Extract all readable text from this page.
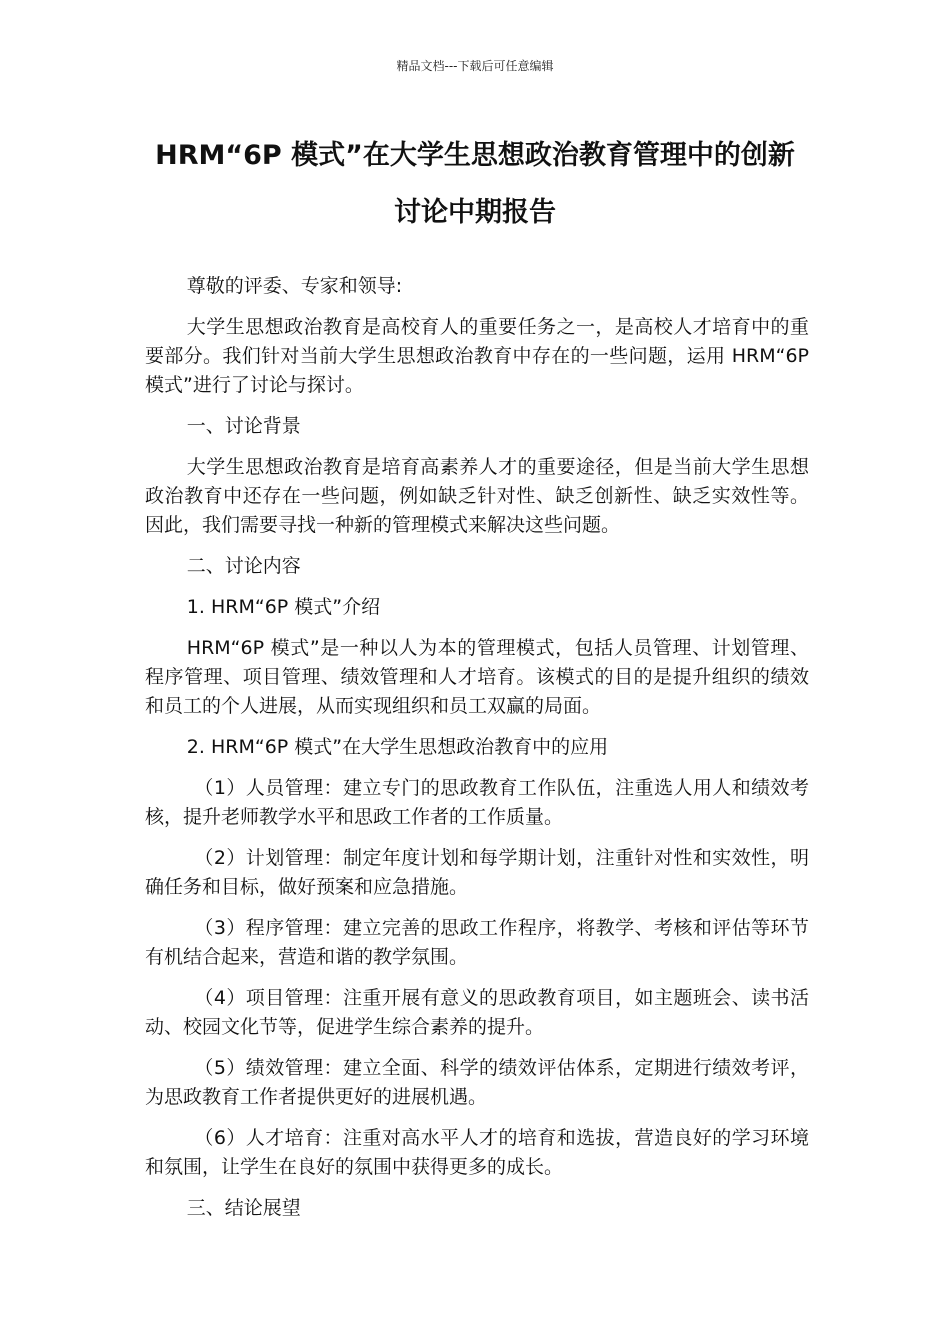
精品文档---下载后可任意编辑
HRM“6P 模式”在大学生思想政治教育管理中的创新
讨论中期报告

尊敬的评委、专家和领导:

大学生思想政治教育是高校育人的重要任务之一，是高校人才培育中的重要部分。我们针对当前大学生思想政治教育中存在的一些问题，运用 HRM“6P 模式”进行了讨论与探讨。

一、讨论背景

大学生思想政治教育是培育高素养人才的重要途径，但是当前大学生思想政治教育中还存在一些问题，例如缺乏针对性、缺乏创新性、缺乏实效性等。因此，我们需要寻找一种新的管理模式来解决这些问题。

二、讨论内容

1. HRM“6P 模式”介绍

HRM“6P 模式”是一种以人为本的管理模式，包括人员管理、计划管理、程序管理、项目管理、绩效管理和人才培育。该模式的目的是提升组织的绩效和员工的个人进展，从而实现组织和员工双赢的局面。

2. HRM“6P 模式”在大学生思想政治教育中的应用

（1）人员管理：建立专门的思政教育工作队伍，注重选人用人和绩效考核，提升老师教学水平和思政工作者的工作质量。

（2）计划管理：制定年度计划和每学期计划，注重针对性和实效性，明确任务和目标，做好预案和应急措施。

（3）程序管理：建立完善的思政工作程序，将教学、考核和评估等环节有机结合起来，营造和谐的教学氛围。

（4）项目管理：注重开展有意义的思政教育项目，如主题班会、读书活动、校园文化节等，促进学生综合素养的提升。

（5）绩效管理：建立全面、科学的绩效评估体系，定期进行绩效考评，为思政教育工作者提供更好的进展机遇。

（6）人才培育：注重对高水平人才的培育和选拔，营造良好的学习环境和氛围，让学生在良好的氛围中获得更多的成长。

三、结论展望
